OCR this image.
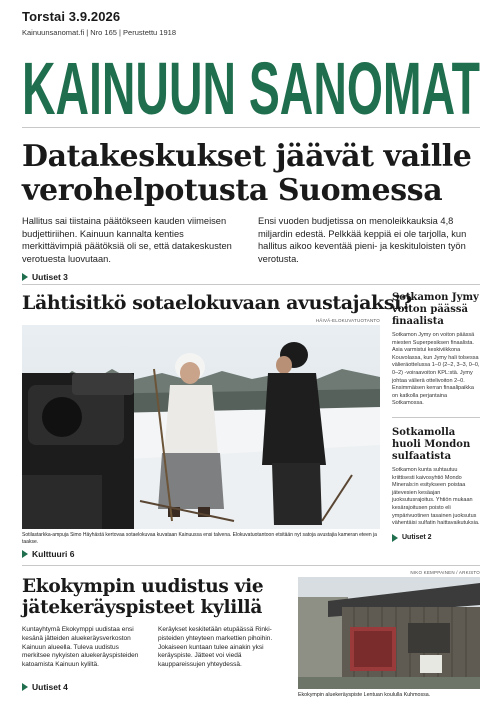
Torstai 3.9.2026
Kainuunsanomat.fi | Nro 165 | Perustettu 1918
KAINUUN SANOMAT
Datakeskukset jäävät vaille verohelpotusta Suomessa

Hallitus sai tiistaina päätökseen kauden viimeisen budjettiriihen. Kainuun kannalta kenties merkittävimpiä päätöksiä oli se, että datakeskusten verotuesta luovutaan.

Ensi vuoden budjetissa on menoleikkauksia 4,8 miljardin edestä. Pelkkää keppiä ei ole tarjolla, kun hallitus aikoo keventää pieni- ja keskituloisten työn verotusta.

Uutiset 3
Lähtisitkö sotaelokuvaan avustajaksi?
HÄIVÄ-ELOKUVATUOTANTO
Sotilastarkka-ampuja Simo Häyhästä kertovaa sotaelokuvaa kuvataan Kainuussa ensi talvena. Elokuvatuotantoon etsitään nyt satoja avustajia kameran eteen ja taakse.
Kulttuuri 6
Sotkamon Jymy voiton päässä finaalista

Sotkamon Jymy on voiton päässä miesten Superpesiksen finaalista. Asia varmistui keskiviikkona Kouvolassa, kun Jymy hali tolsessa välieräottelussa 1–0 (2–2, 3–3, 0–0, 0–2) -voiraavoiton KPL:stä. Jymy johtaa välierä ottelivoiton 2–0. Ensimmäisen kerran finaalipaikka on katkolla perjantaina Sotkamossa.

Sotkamolla huoli Mondon sulfaatista

Sotkamon kunta suhtautuu kriittisesti kaivosyhtiö Mondo Minerals:in esitykseen poistaa jätevesien kesäajan juoksutusrajoitus. Yhtiön mukaan kesärajoitusen poisto eli ympärivuotinen tasainen juoksutus vähentäisi sulfatin haittavaikutuksia.

Uutiset 2
Ekokympin uudistus vie jätekeräyspisteet kylillä

Kuntayhtymä Ekokymppi uudistaa ensi kesänä jätteiden aluekeräysverkoston Kainuun alueella. Tuleva uudistus merkitsee nykyisten aluekeräyspisteiden katoamista Kainuun kyliltä.

Keräykset keskitetään etupäässä Rinki-pisteiden yhteyteen markettien pihoihin. Jokaiseen kuntaan tulee ainakin yksi keräyspiste. Jätteet voi viedä kauppareissujen yhteydessä.

Uutiset 4
NIKO KEMPPAINEN / ARKISTO
Ekokympin aluekeräyspiste Lentuan koululla Kuhmossa.
